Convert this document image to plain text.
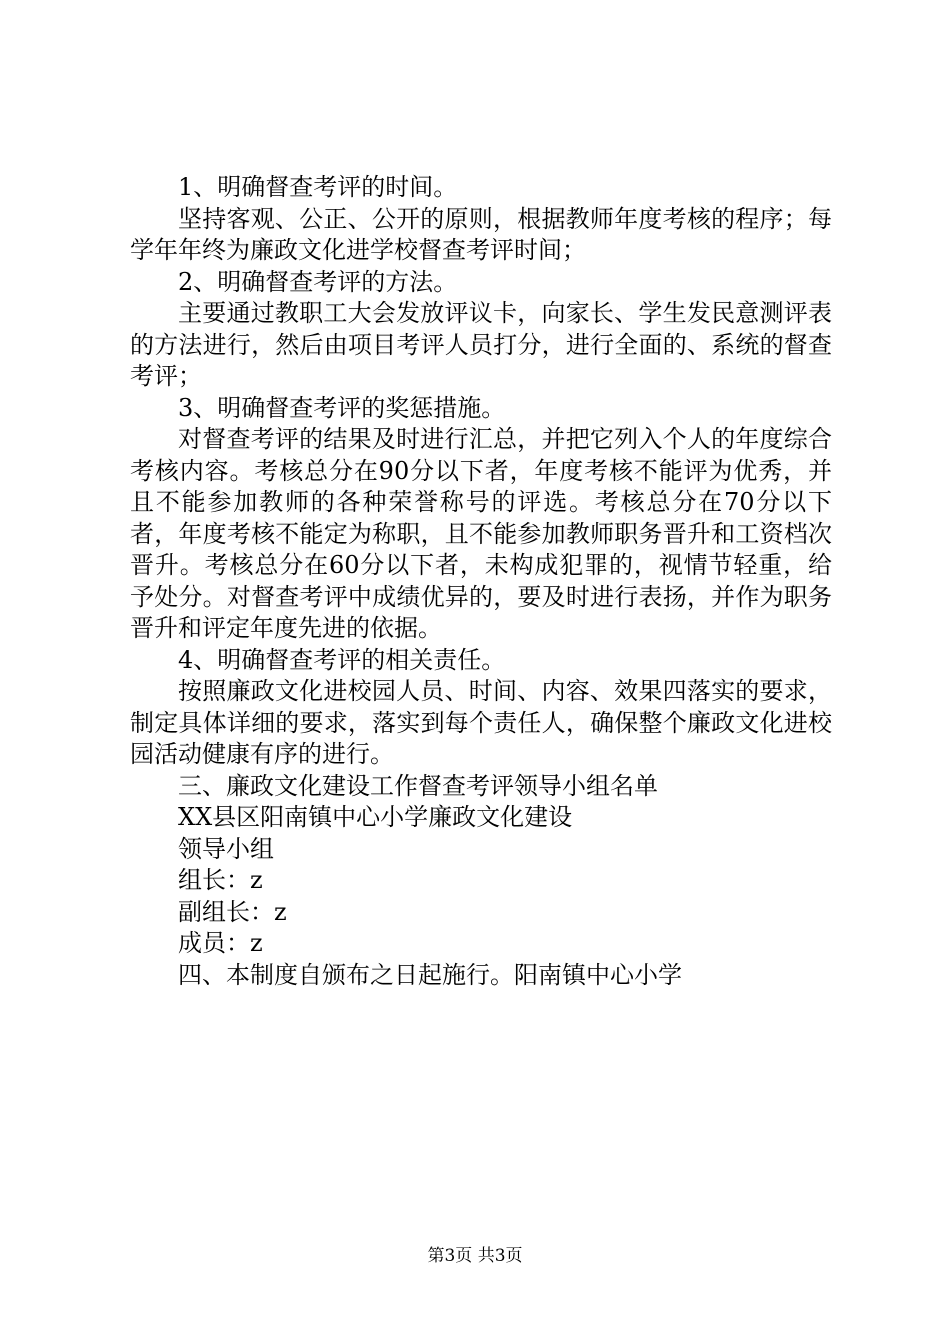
1、明确督查考评的时间。

坚持客观、公正、公开的原则，根据教师年度考核的程序；每学年年终为廉政文化进学校督查考评时间；

2、明确督查考评的方法。

主要通过教职工大会发放评议卡，向家长、学生发民意测评表的方法进行，然后由项目考评人员打分，进行全面的、系统的督查考评；

3、明确督查考评的奖惩措施。

对督查考评的结果及时进行汇总，并把它列入个人的年度综合考核内容。考核总分在90分以下者，年度考核不能评为优秀，并且不能参加教师的各种荣誉称号的评选。考核总分在70分以下者，年度考核不能定为称职，且不能参加教师职务晋升和工资档次晋升。考核总分在60分以下者，未构成犯罪的，视情节轻重，给予处分。对督查考评中成绩优异的，要及时进行表扬，并作为职务晋升和评定年度先进的依据。

4、明确督查考评的相关责任。

按照廉政文化进校园人员、时间、内容、效果四落实的要求，制定具体详细的要求，落实到每个责任人，确保整个廉政文化进校园活动健康有序的进行。

三、廉政文化建设工作督查考评领导小组名单

XX县区阳南镇中心小学廉政文化建设

领导小组

组长：z

副组长：z

成员：z

四、本制度自颁布之日起施行。阳南镇中心小学

第3页 共3页
